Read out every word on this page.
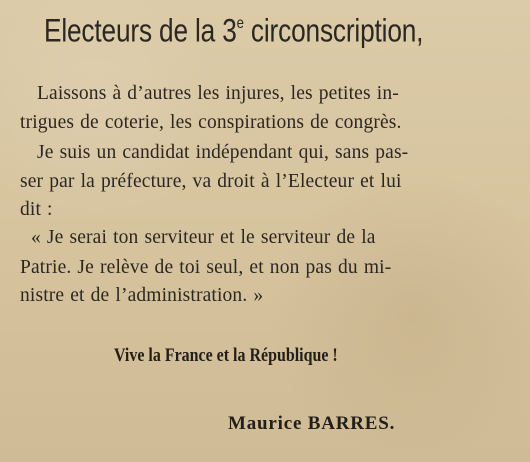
Electeurs de la 3e circonscription,
Laissons à d’autres les injures, les petites in-
trigues de coterie, les conspirations de congrès.
Je suis un candidat indépendant qui, sans pas-
ser par la préfecture, va droit à l’Electeur et lui
dit :
« Je serai ton serviteur et le serviteur de la
Patrie. Je relève de toi seul, et non pas du mi-
nistre et de l’administration. »
Vive la France et la République !
Maurice BARRES.
